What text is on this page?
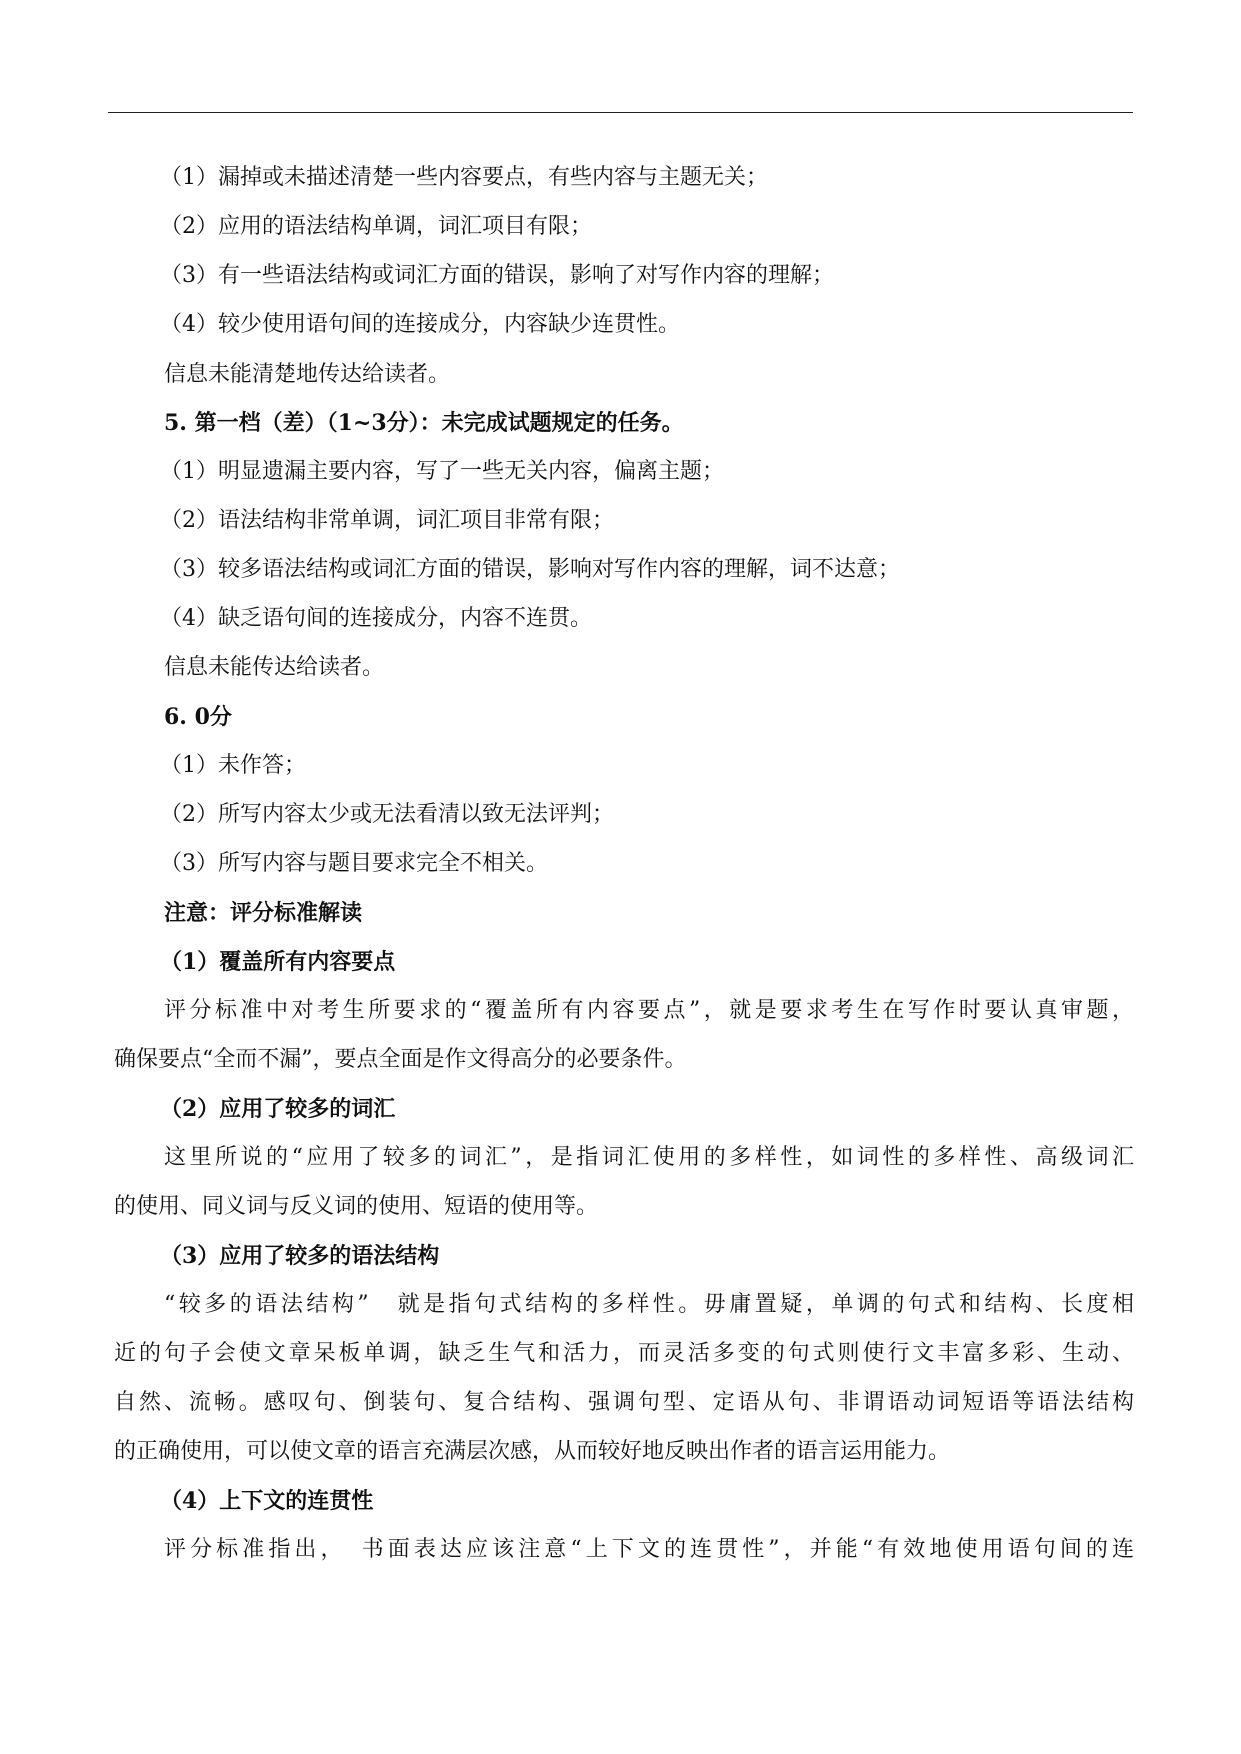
（1）漏掉或未描述清楚一些内容要点，有些内容与主题无关；

（2）应用的语法结构单调，词汇项目有限；

（3）有一些语法结构或词汇方面的错误，影响了对写作内容的理解；

（4）较少使用语句间的连接成分，内容缺少连贯性。

信息未能清楚地传达给读者。

5. 第一档（差）（1~3分）：未完成试题规定的任务。

（1）明显遗漏主要内容，写了一些无关内容，偏离主题；

（2）语法结构非常单调，词汇项目非常有限；

（3）较多语法结构或词汇方面的错误，影响对写作内容的理解，词不达意；

（4）缺乏语句间的连接成分，内容不连贯。

信息未能传达给读者。

6. 0分

（1）未作答；

（2）所写内容太少或无法看清以致无法评判；

（3）所写内容与题目要求完全不相关。

注意：评分标准解读

（1）覆盖所有内容要点

评分标准中对考生所要求的“覆盖所有内容要点”，就是要求考生在写作时要认真审题，

确保要点“全而不漏”，要点全面是作文得高分的必要条件。

（2）应用了较多的词汇

这里所说的“应用了较多的词汇”，是指词汇使用的多样性，如词性的多样性、高级词汇

的使用、同义词与反义词的使用、短语的使用等。

（3）应用了较多的语法结构

“较多的语法结构”　就是指句式结构的多样性。毋庸置疑，单调的句式和结构、长度相

近的句子会使文章呆板单调，缺乏生气和活力，而灵活多变的句式则使行文丰富多彩、生动、

自然、流畅。感叹句、倒装句、复合结构、强调句型、定语从句、非谓语动词短语等语法结构

的正确使用，可以使文章的语言充满层次感，从而较好地反映出作者的语言运用能力。

（4）上下文的连贯性

评分标准指出，　书面表达应该注意“上下文的连贯性”，并能“有效地使用语句间的连
